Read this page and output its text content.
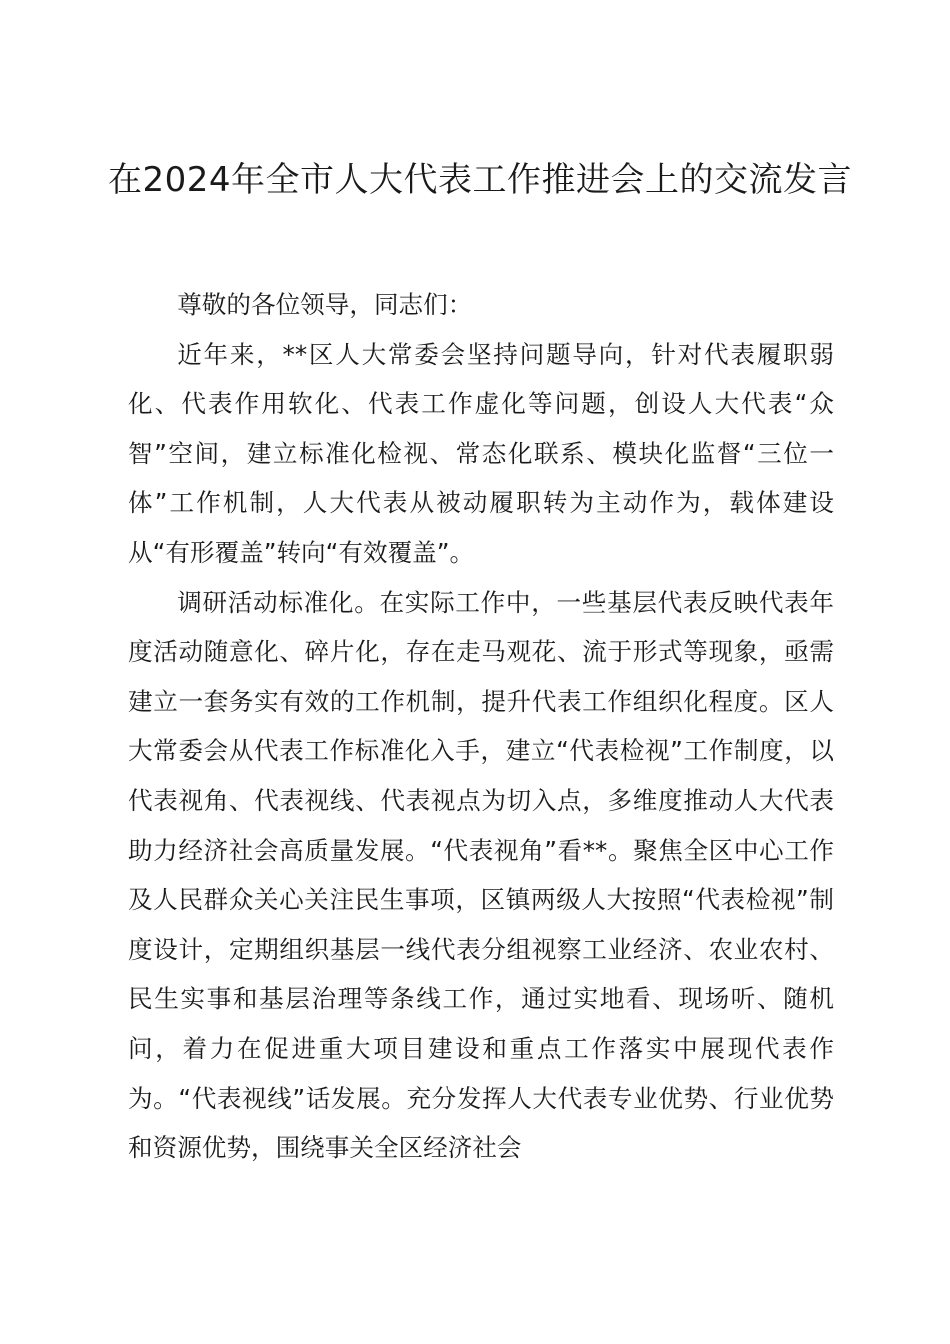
在2024年全市人大代表工作推进会上的交流发言

尊敬的各位领导，同志们：

近年来，**区人大常委会坚持问题导向，针对代表履职弱化、代表作用软化、代表工作虚化等问题，创设人大代表“众智”空间，建立标准化检视、常态化联系、模块化监督“三位一体”工作机制，人大代表从被动履职转为主动作为，载体建设从“有形覆盖”转向“有效覆盖”。

调研活动标准化。在实际工作中，一些基层代表反映代表年度活动随意化、碎片化，存在走马观花、流于形式等现象，亟需建立一套务实有效的工作机制，提升代表工作组织化程度。区人大常委会从代表工作标准化入手，建立“代表检视”工作制度，以代表视角、代表视线、代表视点为切入点，多维度推动人大代表助力经济社会高质量发展。“代表视角”看**。聚焦全区中心工作及人民群众关心关注民生事项，区镇两级人大按照“代表检视”制度设计，定期组织基层一线代表分组视察工业经济、农业农村、民生实事和基层治理等条线工作，通过实地看、现场听、随机问，着力在促进重大项目建设和重点工作落实中展现代表作为。“代表视线”话发展。充分发挥人大代表专业优势、行业优势和资源优势，围绕事关全区经济社会
